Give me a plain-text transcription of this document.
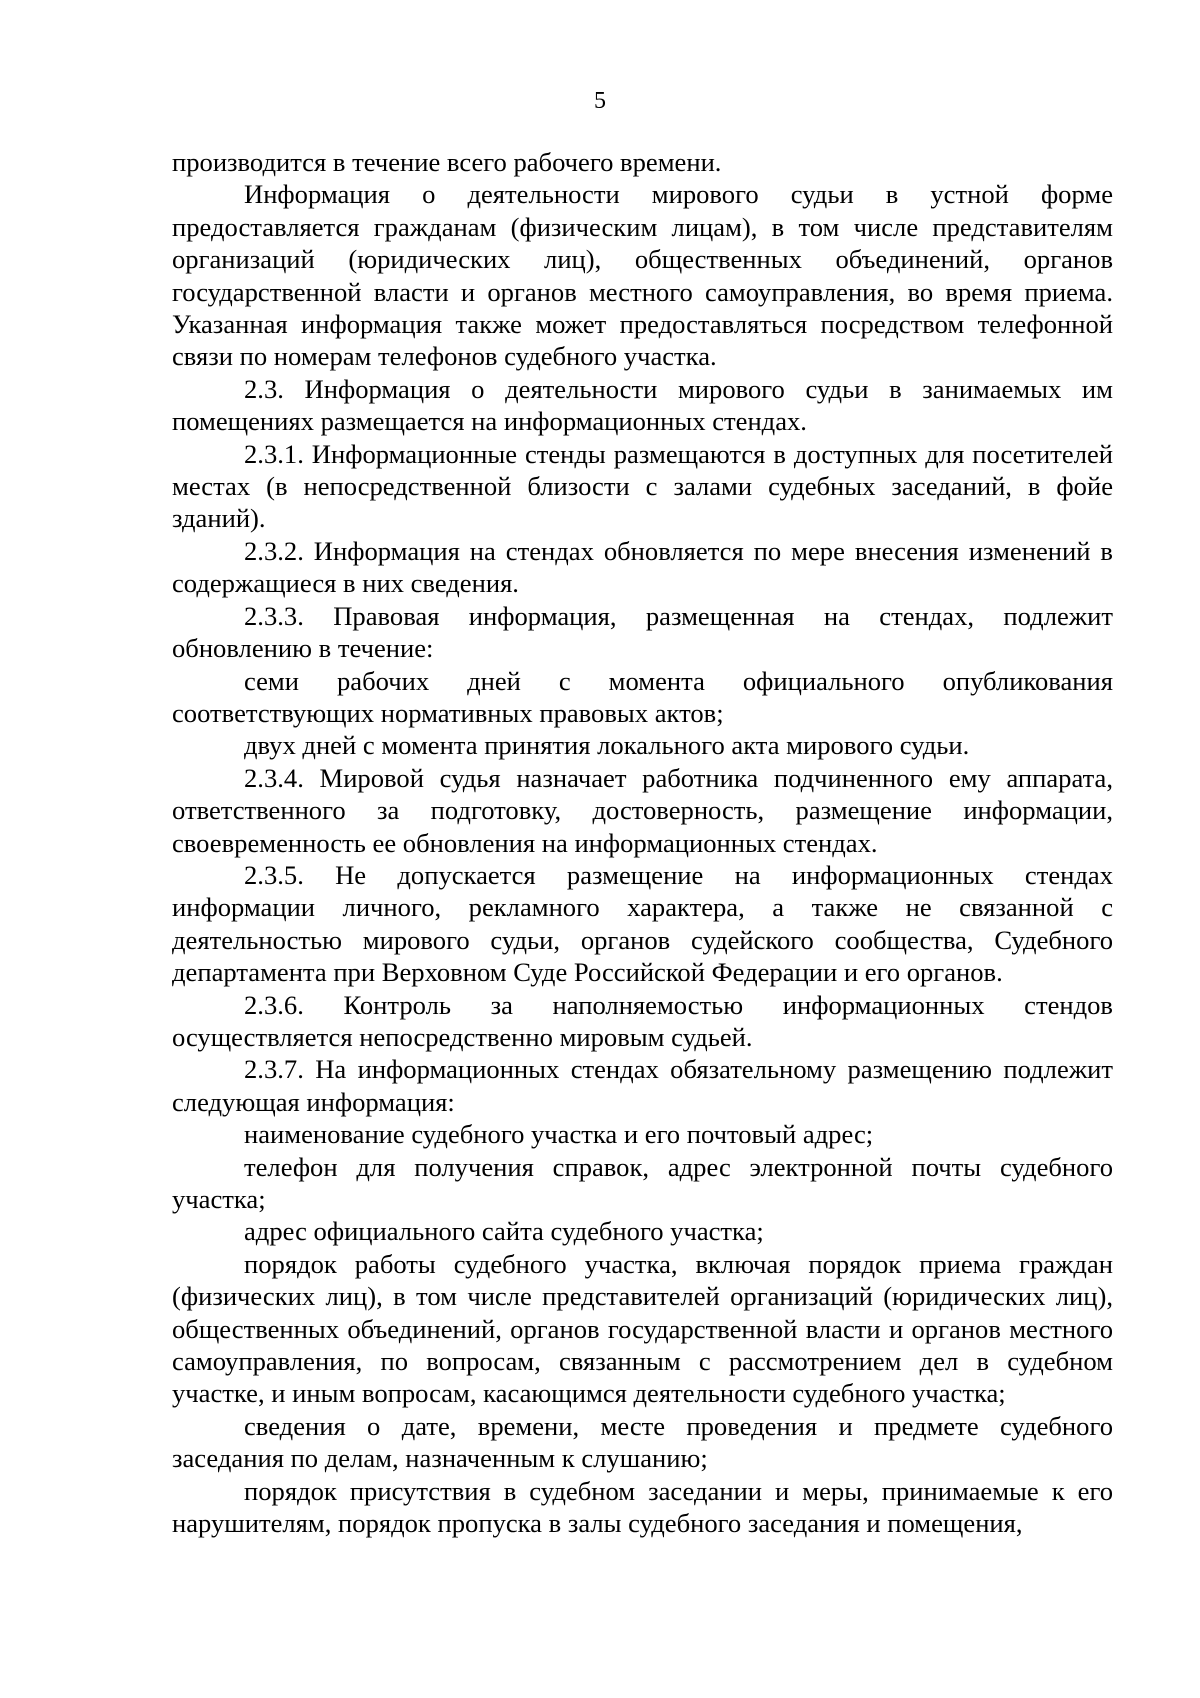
5

производится в течение всего рабочего времени.

Информация о деятельности мирового судьи в устной форме предоставляется гражданам (физическим лицам), в том числе представителям организаций (юридических лиц), общественных объединений, органов государственной власти и органов местного самоуправления, во время приема. Указанная информация также может предоставляться посредством телефонной связи по номерам телефонов судебного участка.

2.3. Информация о деятельности мирового судьи в занимаемых им помещениях размещается на информационных стендах.

2.3.1. Информационные стенды размещаются в доступных для посетителей местах (в непосредственной близости с залами судебных заседаний, в фойе зданий).

2.3.2. Информация на стендах обновляется по мере внесения изменений в содержащиеся в них сведения.

2.3.3. Правовая информация, размещенная на стендах, подлежит обновлению в течение:

семи рабочих дней с момента официального опубликования соответствующих нормативных правовых актов;

двух дней с момента принятия локального акта мирового судьи.

2.3.4. Мировой судья назначает работника подчиненного ему аппарата, ответственного за подготовку, достоверность, размещение информации, своевременность ее обновления на информационных стендах.

2.3.5. Не допускается размещение на информационных стендах информации личного, рекламного характера, а также не связанной с деятельностью мирового судьи, органов судейского сообщества, Судебного департамента при Верховном Суде Российской Федерации и его органов.

2.3.6. Контроль за наполняемостью информационных стендов осуществляется непосредственно мировым судьей.

2.3.7. На информационных стендах обязательному размещению подлежит следующая информация:

наименование судебного участка и его почтовый адрес;

телефон для получения справок, адрес электронной почты судебного участка;

адрес официального сайта судебного участка;

порядок работы судебного участка, включая порядок приема граждан (физических лиц), в том числе представителей организаций (юридических лиц), общественных объединений, органов государственной власти и органов местного самоуправления, по вопросам, связанным с рассмотрением дел в судебном участке, и иным вопросам, касающимся деятельности судебного участка;

сведения о дате, времени, месте проведения и предмете судебного заседания по делам, назначенным к слушанию;

порядок присутствия в судебном заседании и меры, принимаемые к его нарушителям, порядок пропуска в залы судебного заседания и помещения,
